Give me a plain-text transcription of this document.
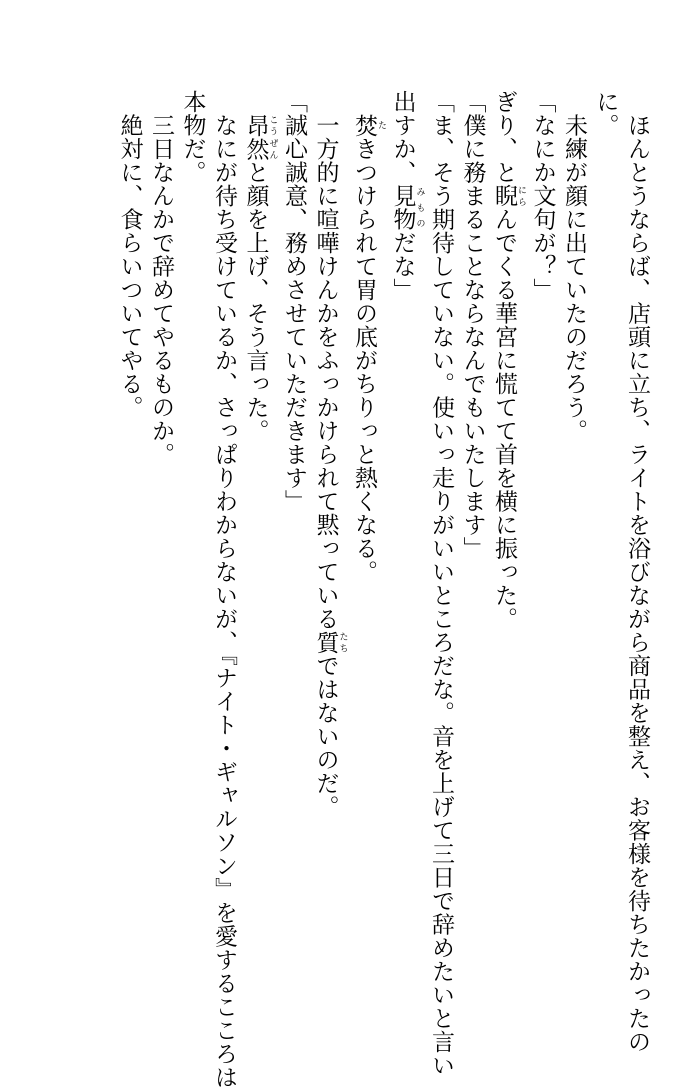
　ほんとうならば、店頭に立ち、ライトを浴びながら商品を整え、お客様を待ちたかったの
に。
　未練が顔に出ていたのだろう。
「なにか文句が？」
ぎり、と睨 にらんでくる華宮に慌てて首を横に振った。
「僕に務まることならなんでもいたします」
「ま、そう期待していない。使いっ走りがいいところだな。音を上げて三日で辞めたいと言い
出すか、見物 みものだな」
　焚 たきつけられて胃の底がちりっと熱くなる。
　一方的に喧嘩けんかをふっかけられて黙っている質 たちではないのだ。
「誠心誠意、務めさせていただきます」
　昂然 こうぜんと顔を上げ、そう言った。
　なにが待ち受けているか、さっぱりわからないが、『ナイト・ギャルソン』を愛するこころは
本物だ。
　三日なんかで辞めてやるものか。
　絶対に、食らいついてやる。
